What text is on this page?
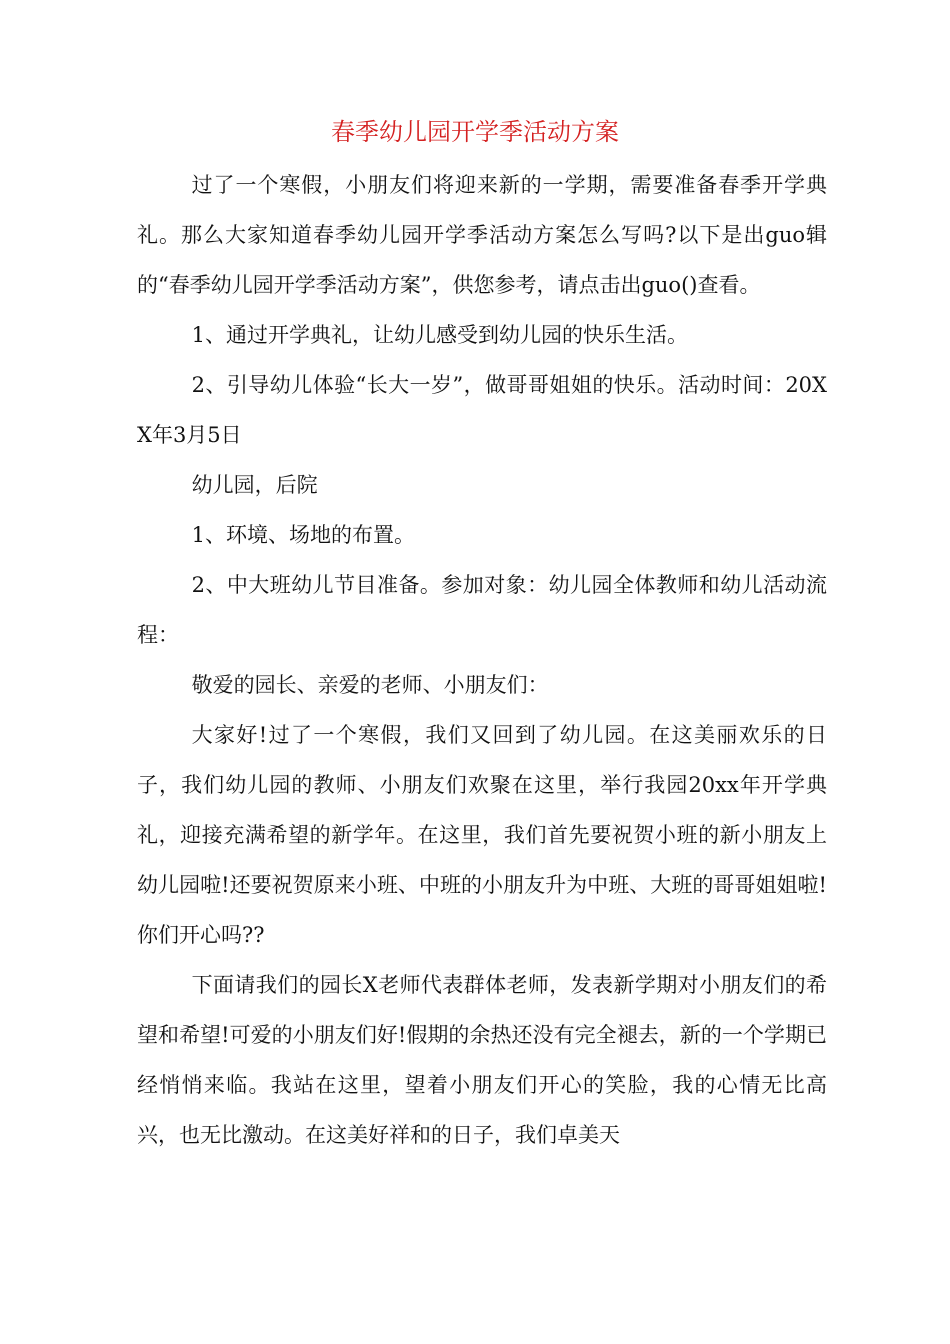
春季幼儿园开学季活动方案

过了一个寒假，小朋友们将迎来新的一学期，需要准备春季开学典礼。那么大家知道春季幼儿园开学季活动方案怎么写吗?以下是出guo辑的“春季幼儿园开学季活动方案”，供您参考，请点击出guo()查看。

1、通过开学典礼，让幼儿感受到幼儿园的快乐生活。

2、引导幼儿体验“长大一岁”，做哥哥姐姐的快乐。活动时间：20XX年3月5日

幼儿园，后院

1、环境、场地的布置。

2、中大班幼儿节目准备。参加对象：幼儿园全体教师和幼儿活动流程：

敬爱的园长、亲爱的老师、小朋友们：

大家好!过了一个寒假，我们又回到了幼儿园。在这美丽欢乐的日子，我们幼儿园的教师、小朋友们欢聚在这里，举行我园20xx年开学典礼，迎接充满希望的新学年。在这里，我们首先要祝贺小班的新小朋友上幼儿园啦!还要祝贺原来小班、中班的小朋友升为中班、大班的哥哥姐姐啦!你们开心吗??

下面请我们的园长X老师代表群体老师，发表新学期对小朋友们的希望和希望!可爱的小朋友们好!假期的余热还没有完全褪去，新的一个学期已经悄悄来临。我站在这里，望着小朋友们开心的笑脸，我的心情无比高兴，也无比激动。在这美好祥和的日子，我们卓美天
